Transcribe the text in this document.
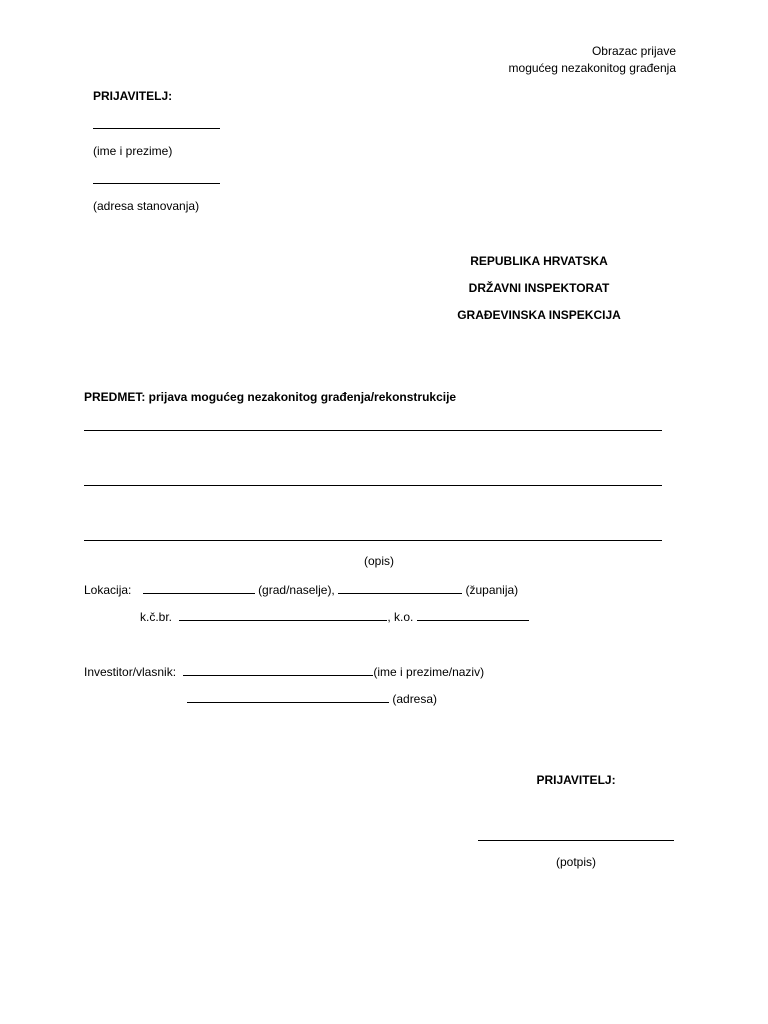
Obrazac prijave
mogućeg nezakonitog građenja
PRIJAVITELJ:
(ime i prezime)
(adresa stanovanja)
REPUBLIKA HRVATSKA
DRŽAVNI INSPEKTORAT
GRAĐEVINSKA INSPEKCIJA
PREDMET: prijava mogućeg nezakonitog građenja/rekonstrukcije
(opis)
Lokacija:	(grad/naselje),	(županija)
k.č.br.	, k.o.
Investitor/vlasnik:	(ime i prezime/naziv)
(adresa)
PRIJAVITELJ:
(potpis)
